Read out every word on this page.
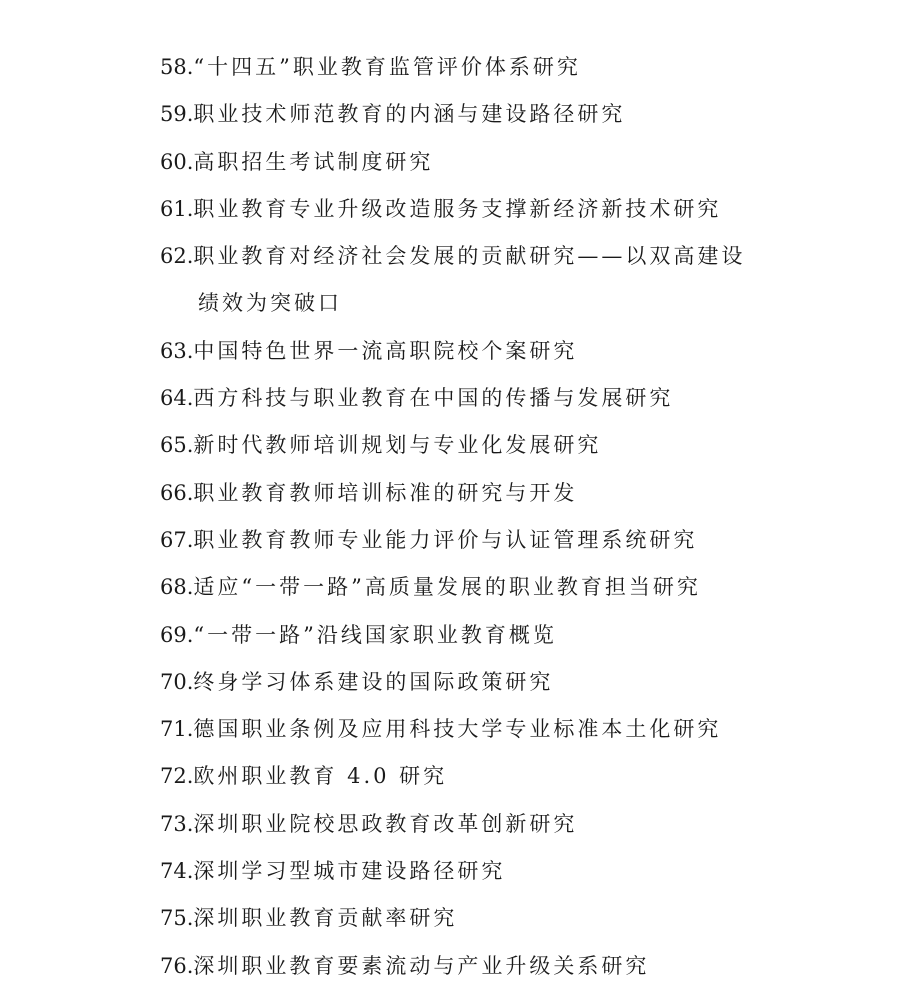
58.“十四五”职业教育监管评价体系研究
59.职业技术师范教育的内涵与建设路径研究
60.高职招生考试制度研究
61.职业教育专业升级改造服务支撑新经济新技术研究
62.职业教育对经济社会发展的贡献研究——以双高建设
绩效为突破口
63.中国特色世界一流高职院校个案研究
64.西方科技与职业教育在中国的传播与发展研究
65.新时代教师培训规划与专业化发展研究
66.职业教育教师培训标准的研究与开发
67.职业教育教师专业能力评价与认证管理系统研究
68.适应“一带一路”高质量发展的职业教育担当研究
69.“一带一路”沿线国家职业教育概览
70.终身学习体系建设的国际政策研究
71.德国职业条例及应用科技大学专业标准本土化研究
72.欧州职业教育 4.0 研究
73.深圳职业院校思政教育改革创新研究
74.深圳学习型城市建设路径研究
75.深圳职业教育贡献率研究
76.深圳职业教育要素流动与产业升级关系研究
